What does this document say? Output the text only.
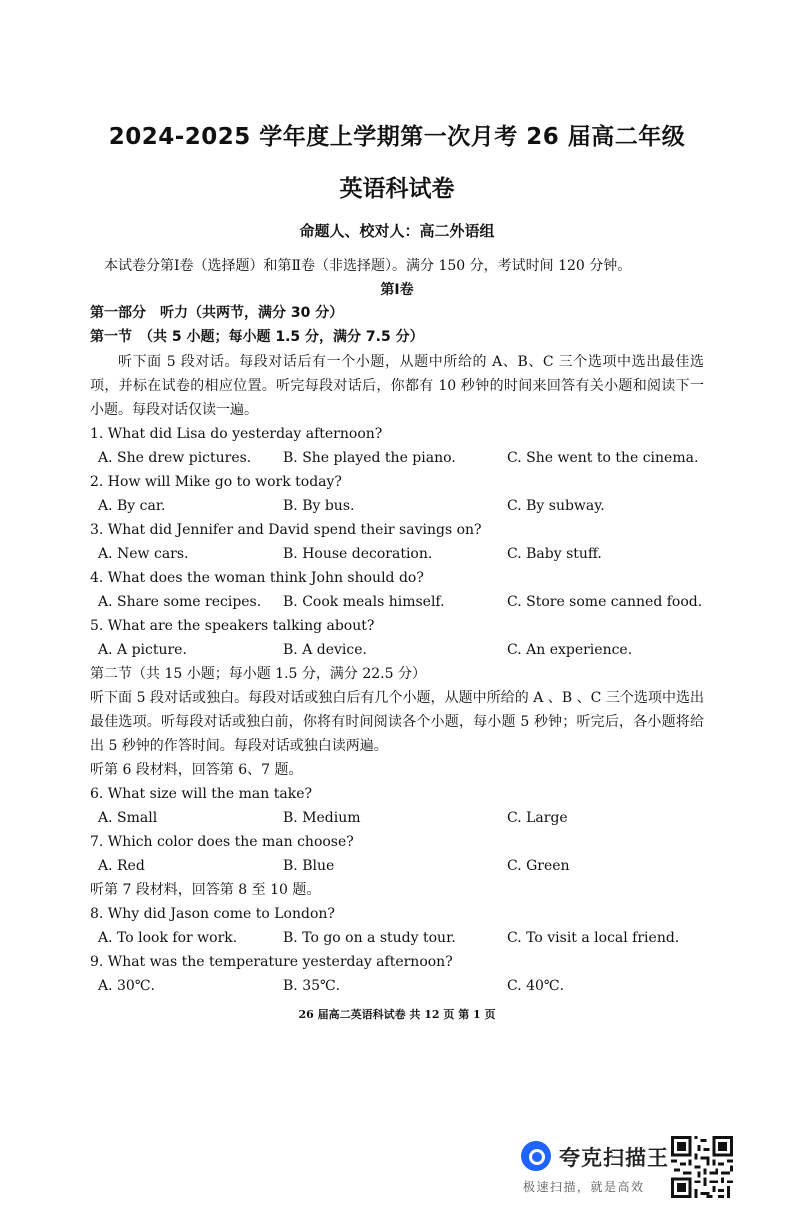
2024-2025 学年度上学期第一次月考 26 届高二年级
英语科试卷
命题人、校对人：高二外语组
本试卷分第Ⅰ卷（选择题）和第Ⅱ卷（非选择题）。满分 150 分，考试时间 120 分钟。
第Ⅰ卷
第一部分　听力（共两节，满分 30 分）
第一节　（共 5 小题；每小题 1.5 分，满分 7.5 分）
听下面 5 段对话。每段对话后有一个小题，从题中所给的 A、B、C 三个选项中选出最佳选项，并标在试卷的相应位置。听完每段对话后，你都有 10 秒钟的时间来回答有关小题和阅读下一小题。每段对话仅读一遍。
1. What did Lisa do yesterday afternoon?
A. She drew pictures. B. She played the piano.	C. She went to the cinema.
2. How will Mike go to work today?
A. By car.	B. By bus.	C. By subway.
3. What did Jennifer and David spend their savings on?
A. New cars.	B. House decoration.	C. Baby stuff.
4. What does the woman think John should do?
A. Share some recipes. B. Cook meals himself.	C. Store some canned food.
5. What are the speakers talking about?
A. A picture.	B. A device.	C. An experience.
第二节（共 15 小题；每小题 1.5 分，满分 22.5 分）
听下面 5 段对话或独白。每段对话或独白后有几个小题，从题中所给的 A 、B 、C 三个选项中选出最佳选项。听每段对话或独白前，你将有时间阅读各个小题，每小题 5 秒钟；听完后，各小题将给出 5 秒钟的作答时间。每段对话或独白读两遍。
听第 6 段材料，回答第 6、7 题。
6. What size will the man take?
A. Small	B. Medium	C. Large
7. Which color does the man choose?
A. Red	B. Blue	C. Green
听第 7 段材料，回答第 8 至 10 题。
8. Why did Jason come to London?
A. To look for work.	B. To go on a study tour.	C. To visit a local friend.
9. What was the temperature yesterday afternoon?
A. 30℃.	B. 35℃.	C. 40℃.
26 届高二英语科试卷 共 12 页 第 1 页
夸克扫描王
极速扫描，就是高效
